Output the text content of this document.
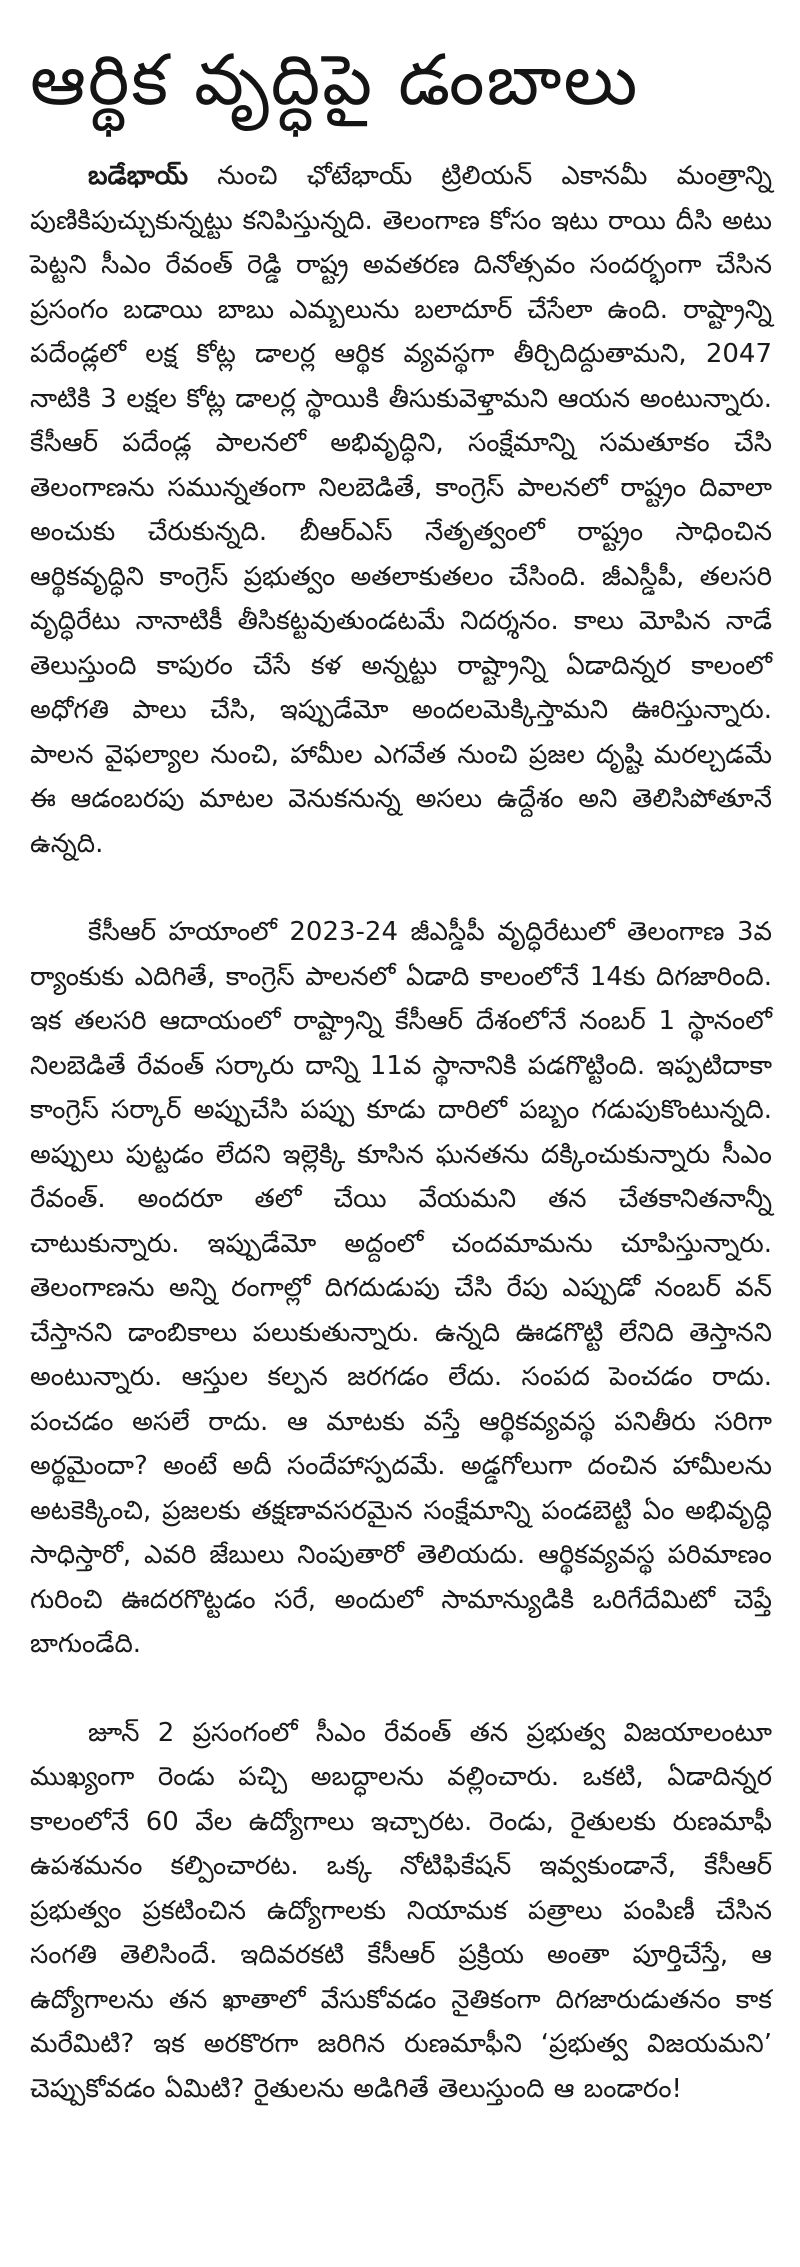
ఆర్థిక వృద్ధిపై డంబాలు

బడేభాయ్ నుంచి ఛోటేభాయ్ ట్రిలియన్ ఎకానమీ మంత్రాన్ని పుణికిపుచ్చుకున్నట్టు కనిపిస్తున్నది. తెలంగాణ కోసం ఇటు రాయి దీసి అటు పెట్టని సీఎం రేవంత్ రెడ్డి రాష్ట్ర అవతరణ దినోత్సవం సందర్భంగా చేసిన ప్రసంగం బడాయి బాబు ఎమ్బలును బలాదూర్ చేసేలా ఉంది. రాష్ట్రాన్ని పదేండ్లలో లక్ష కోట్ల డాలర్ల ఆర్థిక వ్యవస్థగా తీర్చిదిద్దుతామని, 2047 నాటికి 3 లక్షల కోట్ల డాలర్ల స్థాయికి తీసుకువెళ్తామని ఆయన అంటున్నారు. కేసీఆర్ పదేండ్ల పాలనలో అభివృద్ధిని, సంక్షేమాన్ని సమతూకం చేసి తెలంగాణను సమున్నతంగా నిలబెడితే, కాంగ్రెస్ పాలనలో రాష్ట్రం దివాలా అంచుకు చేరుకున్నది. బీఆర్ఎస్ నేతృత్వంలో రాష్ట్రం సాధించిన ఆర్థికవృద్ధిని కాంగ్రెస్ ప్రభుత్వం అతలాకుతలం చేసింది. జీఎస్డీపీ, తలసరి వృద్ధిరేటు నానాటికీ తీసికట్టవుతుండటమే నిదర్శనం. కాలు మోపిన నాడే తెలుస్తుంది కాపురం చేసే కళ అన్నట్టు రాష్ట్రాన్ని ఏడాదిన్నర కాలంలో అధోగతి పాలు చేసి, ఇప్పుడేమో అందలమెక్కిస్తామని ఊరిస్తున్నారు. పాలన వైఫల్యాల నుంచి, హామీల ఎగవేత నుంచి ప్రజల దృష్టి మరల్చడమే ఈ ఆడంబరపు మాటల వెనుకనున్న అసలు ఉద్దేశం అని తెలిసిపోతూనే ఉన్నది.

కేసీఆర్ హయాంలో 2023-24 జీఎస్డీపీ వృద్ధిరేటులో తెలంగాణ 3వ ర్యాంకుకు ఎదిగితే, కాంగ్రెస్ పాలనలో ఏడాది కాలంలోనే 14కు దిగజారింది. ఇక తలసరి ఆదాయంలో రాష్ట్రాన్ని కేసీఆర్ దేశంలోనే నంబర్ 1 స్థానంలో నిలబెడితే రేవంత్ సర్కారు దాన్ని 11వ స్థానానికి పడగొట్టింది. ఇప్పటిదాకా కాంగ్రెస్ సర్కార్ అప్పుచేసి పప్పు కూడు దారిలో పబ్బం గడుపుకొంటున్నది. అప్పులు పుట్టడం లేదని ఇల్లెక్కి కూసిన ఘనతను దక్కించుకున్నారు సీఎం రేవంత్. అందరూ తలో చేయి వేయమని తన చేతకానితనాన్నీ చాటుకున్నారు. ఇప్పుడేమో అద్దంలో చందమామను చూపిస్తున్నారు. తెలంగాణను అన్ని రంగాల్లో దిగదుడుపు చేసి రేపు ఎప్పుడో నంబర్ వన్ చేస్తానని డాంబికాలు పలుకుతున్నారు. ఉన్నది ఊడగొట్టి లేనిది తెస్తానని అంటున్నారు. ఆస్తుల కల్పన జరగడం లేదు. సంపద పెంచడం రాదు. పంచడం అసలే రాదు. ఆ మాటకు వస్తే ఆర్థికవ్యవస్థ పనితీరు సరిగా అర్థమైందా? అంటే అదీ సందేహాస్పదమే. అడ్డగోలుగా దంచిన హామీలను అటకెక్కించి, ప్రజలకు తక్షణావసరమైన సంక్షేమాన్ని పండబెట్టి ఏం అభివృద్ధి సాధిస్తారో, ఎవరి జేబులు నింపుతారో తెలియదు. ఆర్థికవ్యవస్థ పరిమాణం గురించి ఊదరగొట్టడం సరే, అందులో సామాన్యుడికి ఒరిగేదేమిటో చెప్తే బాగుండేది.

జూన్ 2 ప్రసంగంలో సీఎం రేవంత్ తన ప్రభుత్వ విజయాలంటూ ముఖ్యంగా రెండు పచ్చి అబద్ధాలను వల్లించారు. ఒకటి, ఏడాదిన్నర కాలంలోనే 60 వేల ఉద్యోగాలు ఇచ్చారట. రెండు, రైతులకు రుణమాఫీ ఉపశమనం కల్పించారట. ఒక్క నోటిఫికేషన్ ఇవ్వకుండానే, కేసీఆర్ ప్రభుత్వం ప్రకటించిన ఉద్యోగాలకు నియామక పత్రాలు పంపిణీ చేసిన సంగతి తెలిసిందే. ఇదివరకటి కేసీఆర్ ప్రక్రియ అంతా పూర్తిచేస్తే, ఆ ఉద్యోగాలను తన ఖాతాలో వేసుకోవడం నైతికంగా దిగజారుడుతనం కాక మరేమిటి? ఇక అరకొరగా జరిగిన రుణమాఫీని ‘ప్రభుత్వ విజయమని’ చెప్పుకోవడం ఏమిటి? రైతులను అడిగితే తెలుస్తుంది ఆ బండారం!
